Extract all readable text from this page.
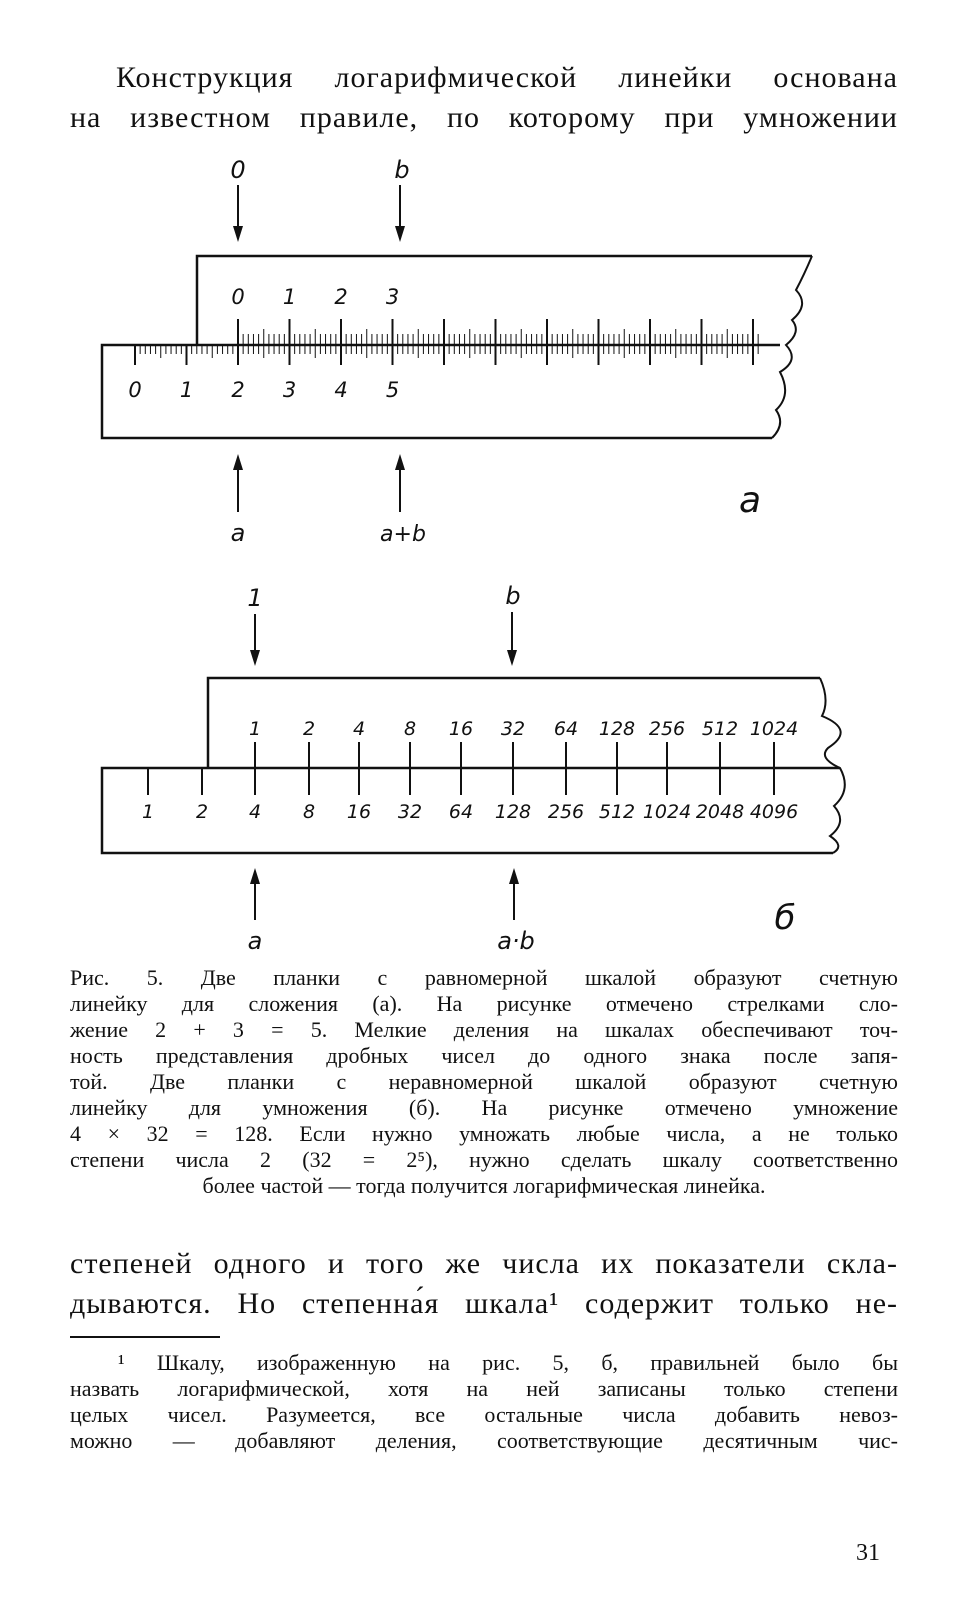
Конструкция логарифмической линейки основана
на известном правиле, по которому при умножении

0 1 2 3 4 5
0 1 2 3
0	b
a	a+b
a
1 2 4 8 16 32 64 128 256 512 1024 2048 4096
1 2 4 8 16 32 64 128 256 512 1024
1	b
a	a·b
б

Рис. 5. Две планки с равномерной шкалой образуют счетную
линейку для сложения (а). На рисунке отмечено стрелками сло-
жение 2 + 3 = 5. Мелкие деления на шкалах обеспечивают точ-
ность представления дробных чисел до одного знака после запя-
той. Две планки с неравномерной шкалой образуют счетную
линейку для умножения (б). На рисунке отмечено умножение
4 × 32 = 128. Если нужно умножать любые числа, а не только
степени числа 2 (32 = 2⁵), нужно сделать шкалу соответственно
более частой — тогда получится логарифмическая линейка.

степеней одного и того же числа их показатели скла-
дываются. Но степенна́я шкала¹ содержит только не-

¹ Шкалу, изображенную на рис. 5, б, правильней было бы
назвать логарифмической, хотя на ней записаны только степени
целых чисел. Разумеется, все остальные числа добавить невоз-
можно — добавляют деления, соответствующие десятичным чис-

31
